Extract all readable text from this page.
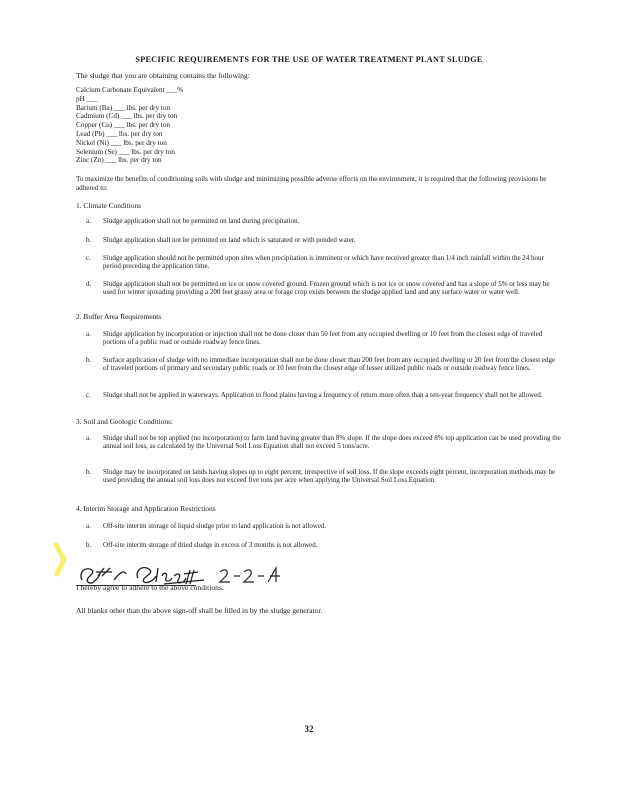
SPECIFIC REQUIREMENTS FOR THE USE OF WATER TREATMENT PLANT SLUDGE
The sludge that you are obtaining contains the following:
Calcium Carbonate Equivalent ___%
pH ___
Barium (Ba) ___ lbs. per dry ton
Cadmium (Cd) ___ lbs. per dry ton
Copper (Cu) ___ lbs. per dry ton
Lead (Pb) ___ lbs. per dry ton
Nickel (Ni) ___ lbs. per dry ton
Selenium (Se) ___ lbs. per dry ton
Zinc (Zn) ___ lbs. per dry ton
To maximize the benefits of conditioning soils with sludge and minimizing possible adverse effects on the environment, it is required that the following provisions be adhered to:
1. Climate Conditions
a.	Sludge application shall not be permitted on land during precipitation.
b.	Sludge application shall not be permitted on land which is saturated or with ponded water.
c.	Sludge application should not be permitted upon sites when precipitation is imminent or which have received greater than 1/4 inch rainfall within the 24 hour period preceding the application time.
d.	Sludge application shall not be permitted on ice or snow covered ground. Frozen ground which is not ice or snow covered and has a slope of 5% or less may be used for winter spreading providing a 200 feet grassy area or forage crop exists between the sludge applied land and any surface water or water well.
2. Buffer Area Requirements
a.	Sludge application by incorporation or injection shall not be done closer than 50 feet from any occupied dwelling or 10 feet from the closest edge of traveled portions of a public road or outside roadway fence lines.
b.	Surface application of sludge with no immediate incorporation shall not be done closer than 200 feet from any occupied dwelling or 20 feet from the closest edge of traveled portions of primary and secondary public roads or 10 feet from the closest edge of lesser utilized public roads or outside roadway fence lines.
c.	Sludge shall not be applied in waterways. Application to flood plains having a frequency of return more often than a ten-year frequency shall not be allowed.
3. Soil and Geologic Conditions:
a.	Sludge shall not be top applied (no incorporation) to farm land having greater than 8% slope. If the slope does exceed 8% top application can be used providing the annual soil loss, as calculated by the Universal Soil Loss Equation shall not exceed 5 tons/acre.
b.	Sludge may be incorporated on lands having slopes up to eight percent, irrespective of soil loss. If the slope exceeds eight percent, incorporation methods may be used providing the annual soil loss does not exceed five tons per acre when applying the Universal Soil Loss Equation.
4. Interim Storage and Application Restrictions
a.	Off-site interim storage of liquid sludge prior to land application is not allowed.
b.	Off-site interim storage of dried sludge in excess of 3 months is not allowed.
I hereby agree to adhere to the above conditions.
All blanks other than the above sign-off shall be filled in by the sludge generator.
32
